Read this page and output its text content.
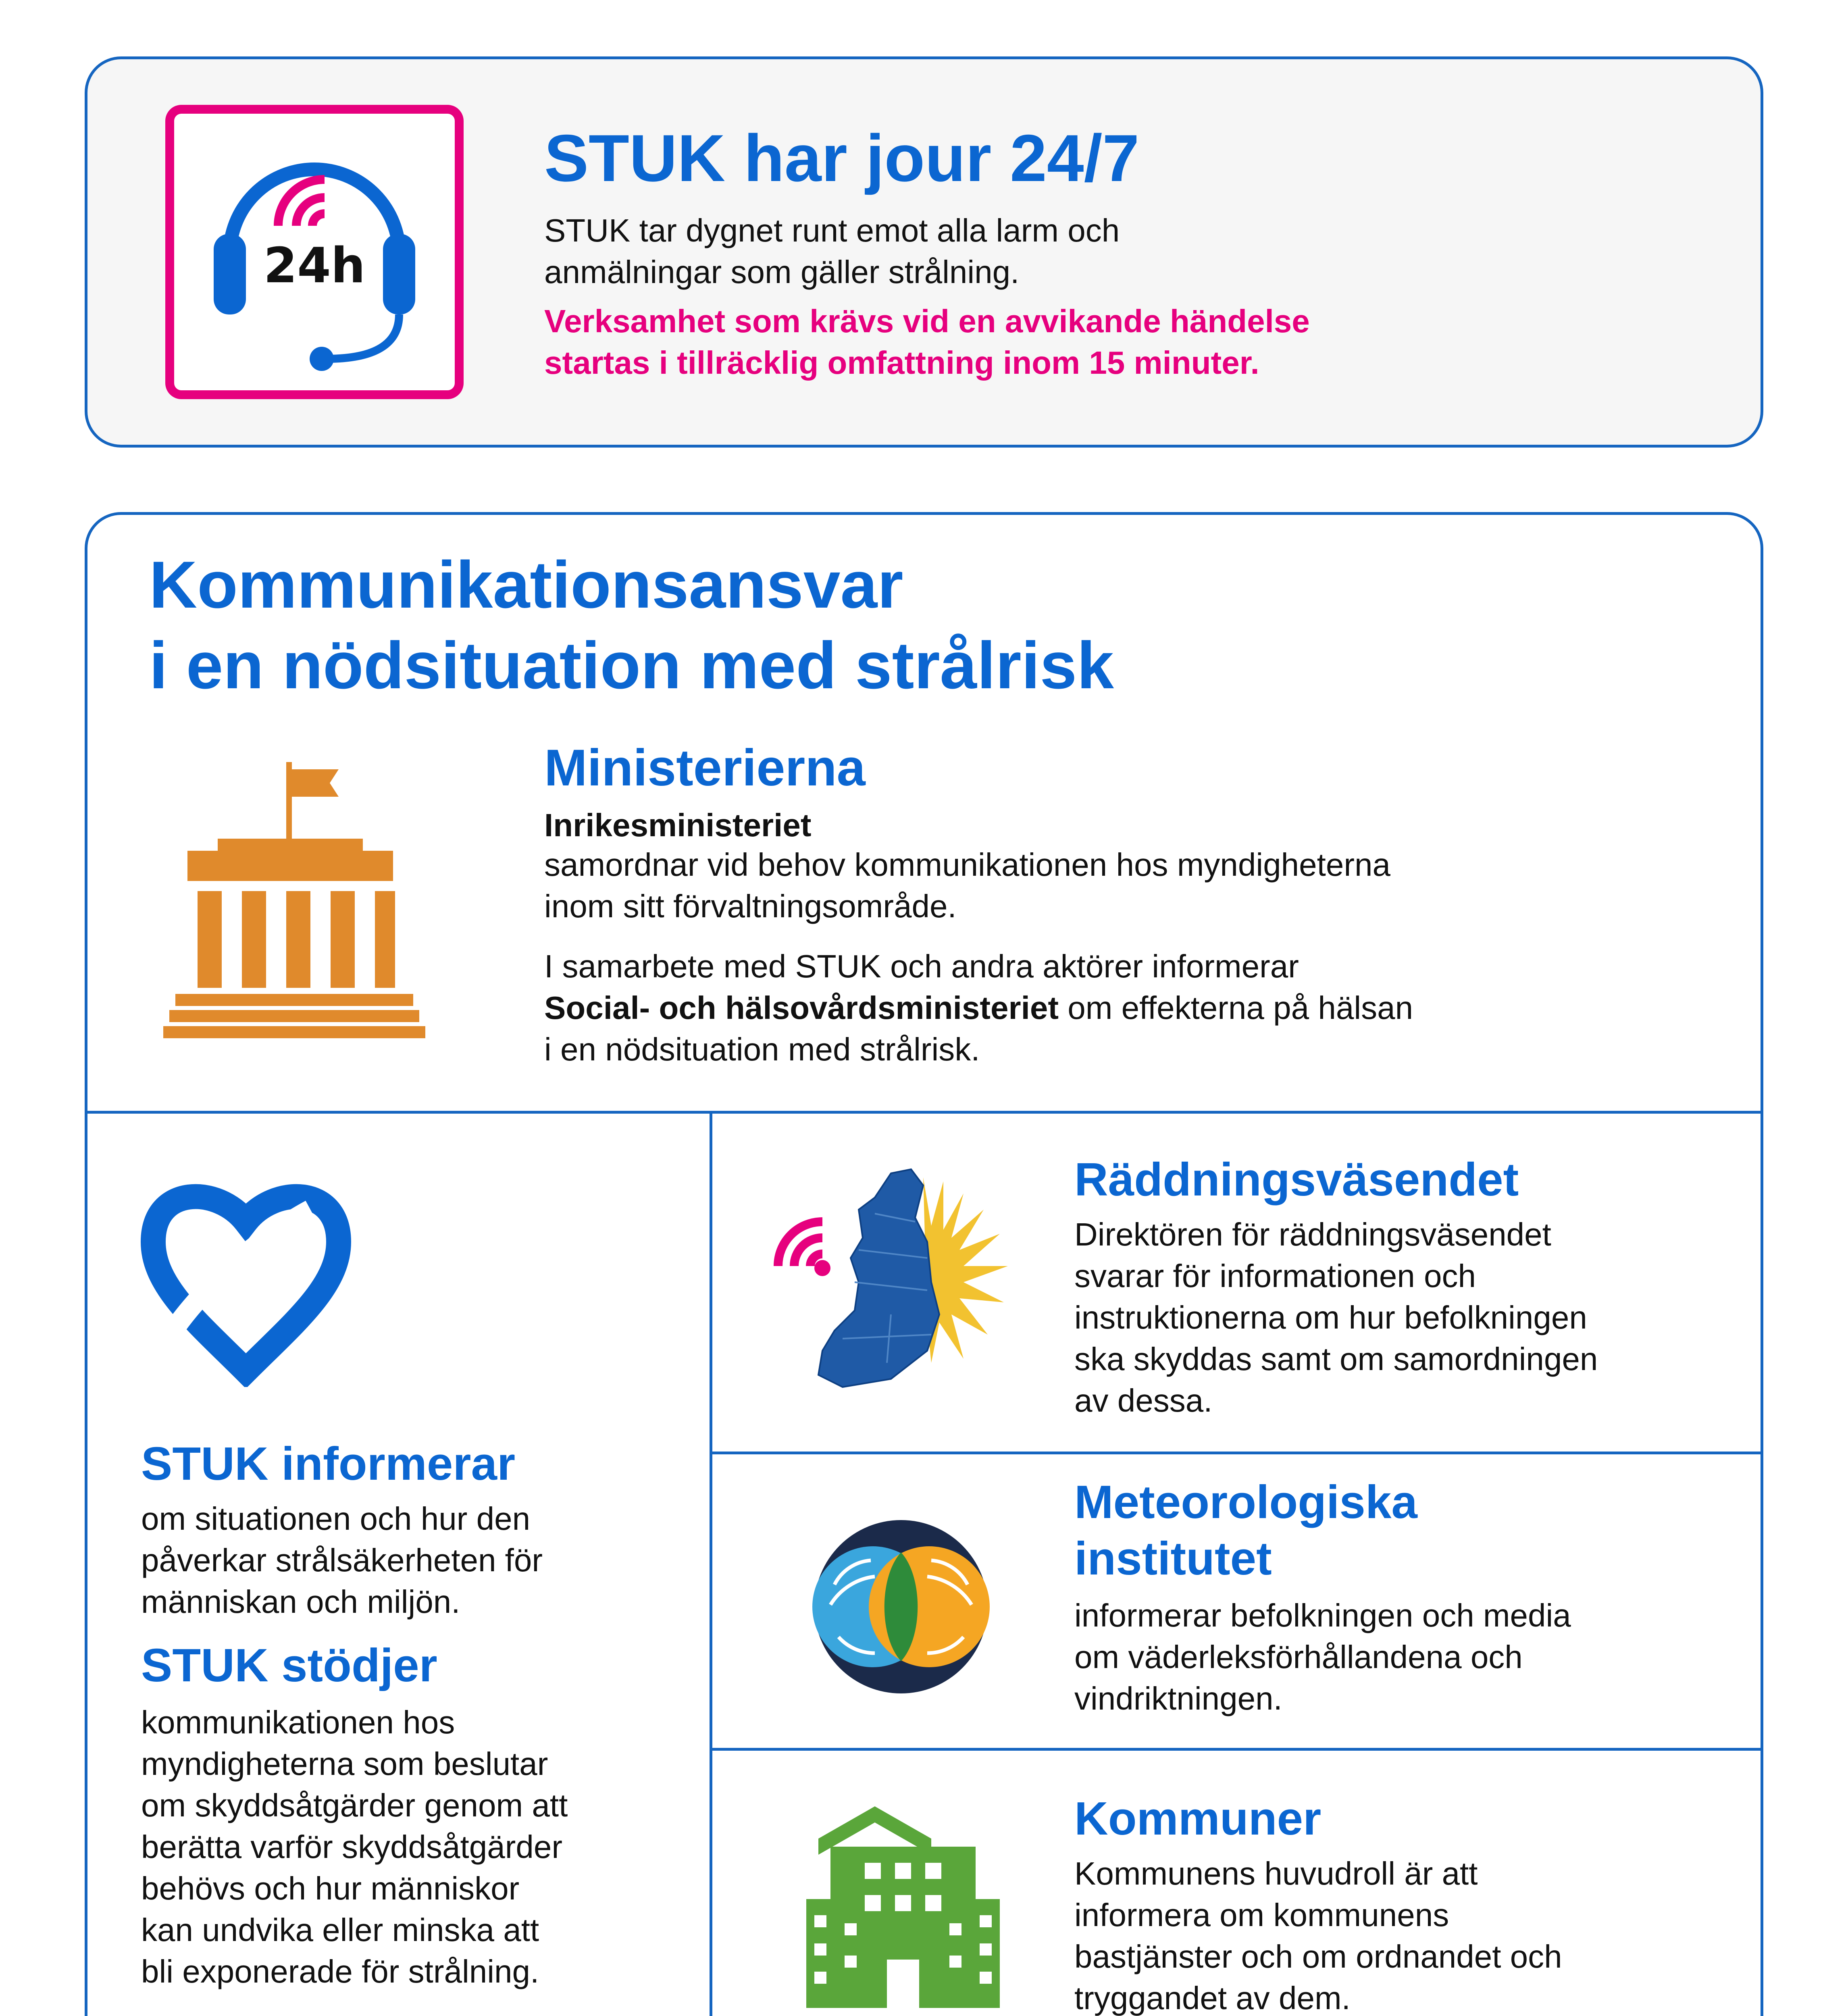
24h
STUK har jour 24/7
STUK tar dygnet runt emot alla larm och
anmälningar som gäller strålning.
Verksamhet som krävs vid en avvikande händelse
startas i tillräcklig omfattning inom 15 minuter.
Kommunikationsansvar
i en nödsituation med strålrisk
Ministerierna
Inrikesministeriet
samordnar vid behov kommunikationen hos myndigheterna
inom sitt förvaltningsområde.
I samarbete med STUK och andra aktörer informerar
Social- och hälsovårdsministeriet om effekterna på hälsan
i en nödsituation med strålrisk.
STUK informerar
om situationen och hur den
påverkar strålsäkerheten för
människan och miljön.
STUK stödjer
kommunikationen hos
myndigheterna som beslutar
om skyddsåtgärder genom att
berätta varför skyddsåtgärder
behövs och hur människor
kan undvika eller minska att
bli exponerade för strålning.
Räddningsväsendet
Direktören för räddningsväsendet
svarar för informationen och
instruktionerna om hur befolkningen
ska skyddas samt om samordningen
av dessa.
Meteorologiska
institutet
informerar befolkningen och media
om väderleksförhållandena och
vindriktningen.
Kommuner
Kommunens huvudroll är att
informera om kommunens
bastjänster och om ordnandet och
tryggandet av dem.
